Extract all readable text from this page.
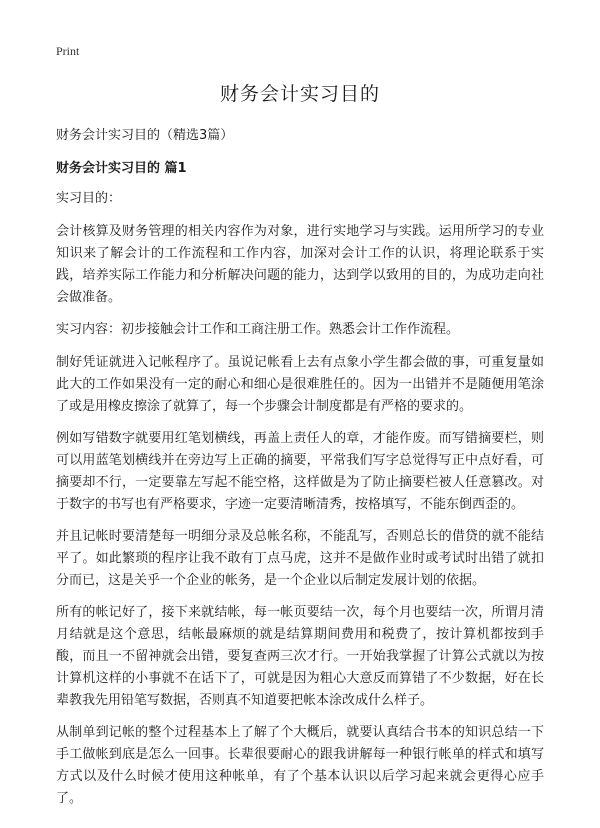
Print
财务会计实习目的
财务会计实习目的（精选3篇）
财务会计实习目的 篇1

实习目的：

会计核算及财务管理的相关内容作为对象，进行实地学习与实践。运用所学习的专业知识来了解会计的工作流程和工作内容，加深对会计工作的认识，将理论联系于实践，培养实际工作能力和分析解决问题的能力，达到学以致用的目的，为成功走向社会做准备。

实习内容：初步接触会计工作和工商注册工作。熟悉会计工作作流程。

制好凭证就进入记帐程序了。虽说记帐看上去有点象小学生都会做的事，可重复量如此大的工作如果没有一定的耐心和细心是很难胜任的。因为一出错并不是随便用笔涂了或是用橡皮擦涂了就算了，每一个步骤会计制度都是有严格的要求的。

例如写错数字就要用红笔划横线，再盖上责任人的章，才能作废。而写错摘要栏，则可以用蓝笔划横线并在旁边写上正确的摘要，平常我们写字总觉得写正中点好看，可摘要却不行，一定要靠左写起不能空格，这样做是为了防止摘要栏被人任意篡改。对于数字的书写也有严格要求，字迹一定要清晰清秀，按格填写，不能东倒西歪的。

并且记帐时要清楚每一明细分录及总帐名称，不能乱写，否则总长的借贷的就不能结平了。如此繁琐的程序让我不敢有丁点马虎，这并不是做作业时或考试时出错了就扣分而已，这是关乎一个企业的帐务，是一个企业以后制定发展计划的依据。

所有的帐记好了，接下来就结帐，每一帐页要结一次，每个月也要结一次，所谓月清月结就是这个意思，结帐最麻烦的就是结算期间费用和税费了，按计算机都按到手酸，而且一不留神就会出错，要复查两三次才行。一开始我掌握了计算公式就以为按计算机这样的小事就不在话下了，可就是因为粗心大意反而算错了不少数据，好在长辈教我先用铅笔写数据，否则真不知道要把帐本涂改成什么样子。

从制单到记帐的整个过程基本上了解了个大概后，就要认真结合书本的知识总结一下手工做帐到底是怎么一回事。长辈很要耐心的跟我讲解每一种银行帐单的样式和填写方式以及什么时候才使用这种帐单，有了个基本认识以后学习起来就会更得心应手了。
